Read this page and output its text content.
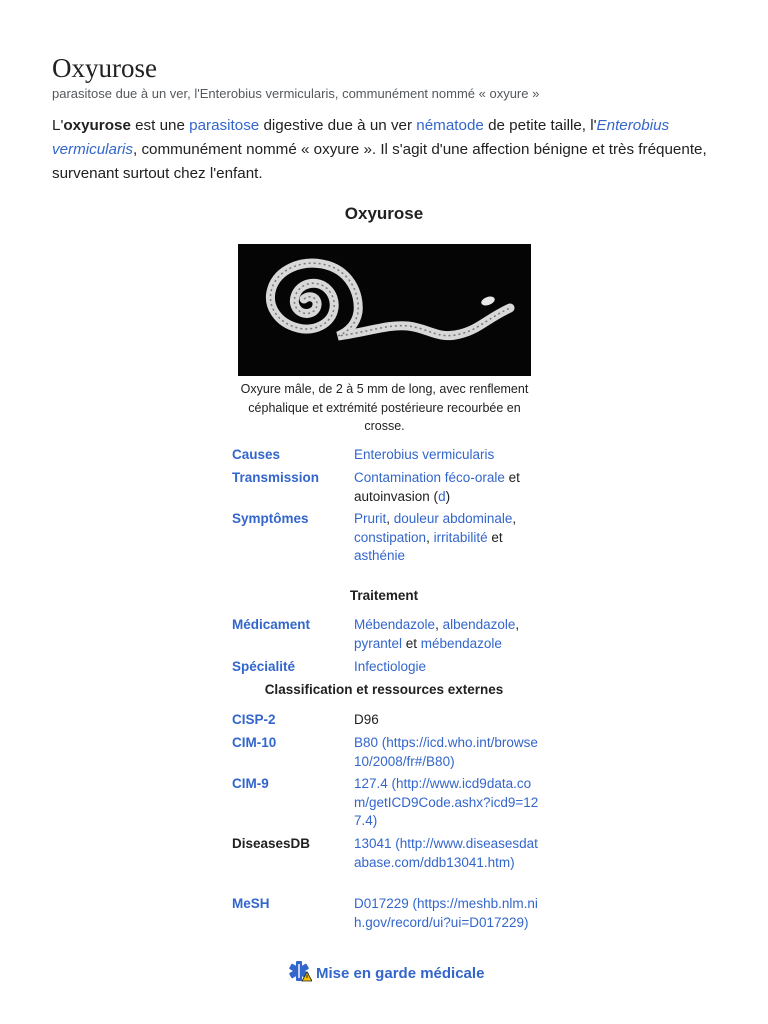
Oxyurose
parasitose due à un ver, l'Enterobius vermicularis, communément nommé « oxyure »

L'oxyurose est une parasitose digestive due à un ver nématode de petite taille, l'Enterobius vermicularis, communément nommé « oxyure ». Il s'agit d'une affection bénigne et très fréquente, survenant surtout chez l'enfant.

Oxyurose
Oxyure mâle, de 2 à 5 mm de long, avec renflement céphalique et extrémité postérieure recourbée en crosse.
Causes	Enterobius vermicularis
Transmission	Contamination féco-orale et autoinvasion (d)
Symptômes	Prurit, douleur abdominale, constipation, irritabilité et asthénie
Traitement
Médicament	Mébendazole, albendazole, pyrantel et mébendazole
Spécialité	Infectiologie
Classification et ressources externes
CISP-2	D96
CIM-10	B80 (https://icd.who.int/browse10/2008/fr#/B80)
CIM-9	127.4 (http://www.icd9data.com/getICD9Code.ashx?icd9=127.4)
DiseasesDB	13041 (http://www.diseasesdatabase.com/ddb13041.htm)
MeSH	D017229 (https://meshb.nlm.nih.gov/record/ui?ui=D017229)
Mise en garde médicale
